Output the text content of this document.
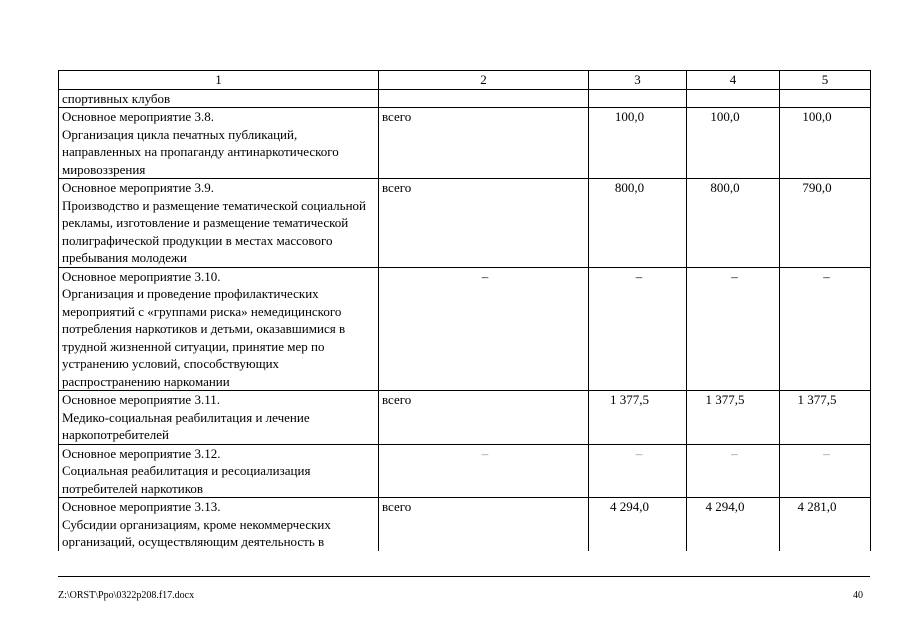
1	2	3	4	5
спортивных клубов				

Основное мероприятие 3.8.
Организация цикла печатных публикаций, направленных на пропаганду антинаркотического мировоззрения	всего	100,0	100,0	100,0

Основное мероприятие 3.9.
Производство и размещение тематической социальной рекламы, изготовление и размещение тематической полиграфической продукции в местах массового пребывания молодежи	всего	800,0	800,0	790,0

Основное мероприятие 3.10.
Организация и проведение профилактических мероприятий с «группами риска» немедицинского потребления наркотиков и детьми, оказавшимися в трудной жизненной ситуации, принятие мер по устранению условий, способствующих распространению наркомании	–	–	–	–

Основное мероприятие 3.11.
Медико-социальная реабилитация и лечение наркопотребителей	всего	1 377,5	1 377,5	1 377,5

Основное мероприятие 3.12.
Социальная реабилитация и ресоциализация потребителей наркотиков	–	–	–	–

Основное мероприятие 3.13.
Субсидии организациям, кроме некоммерческих организаций, осуществляющим деятельность в	всего	4 294,0	4 294,0	4 281,0
Z:\ORST\Ppo\0322p208.f17.docx	40
